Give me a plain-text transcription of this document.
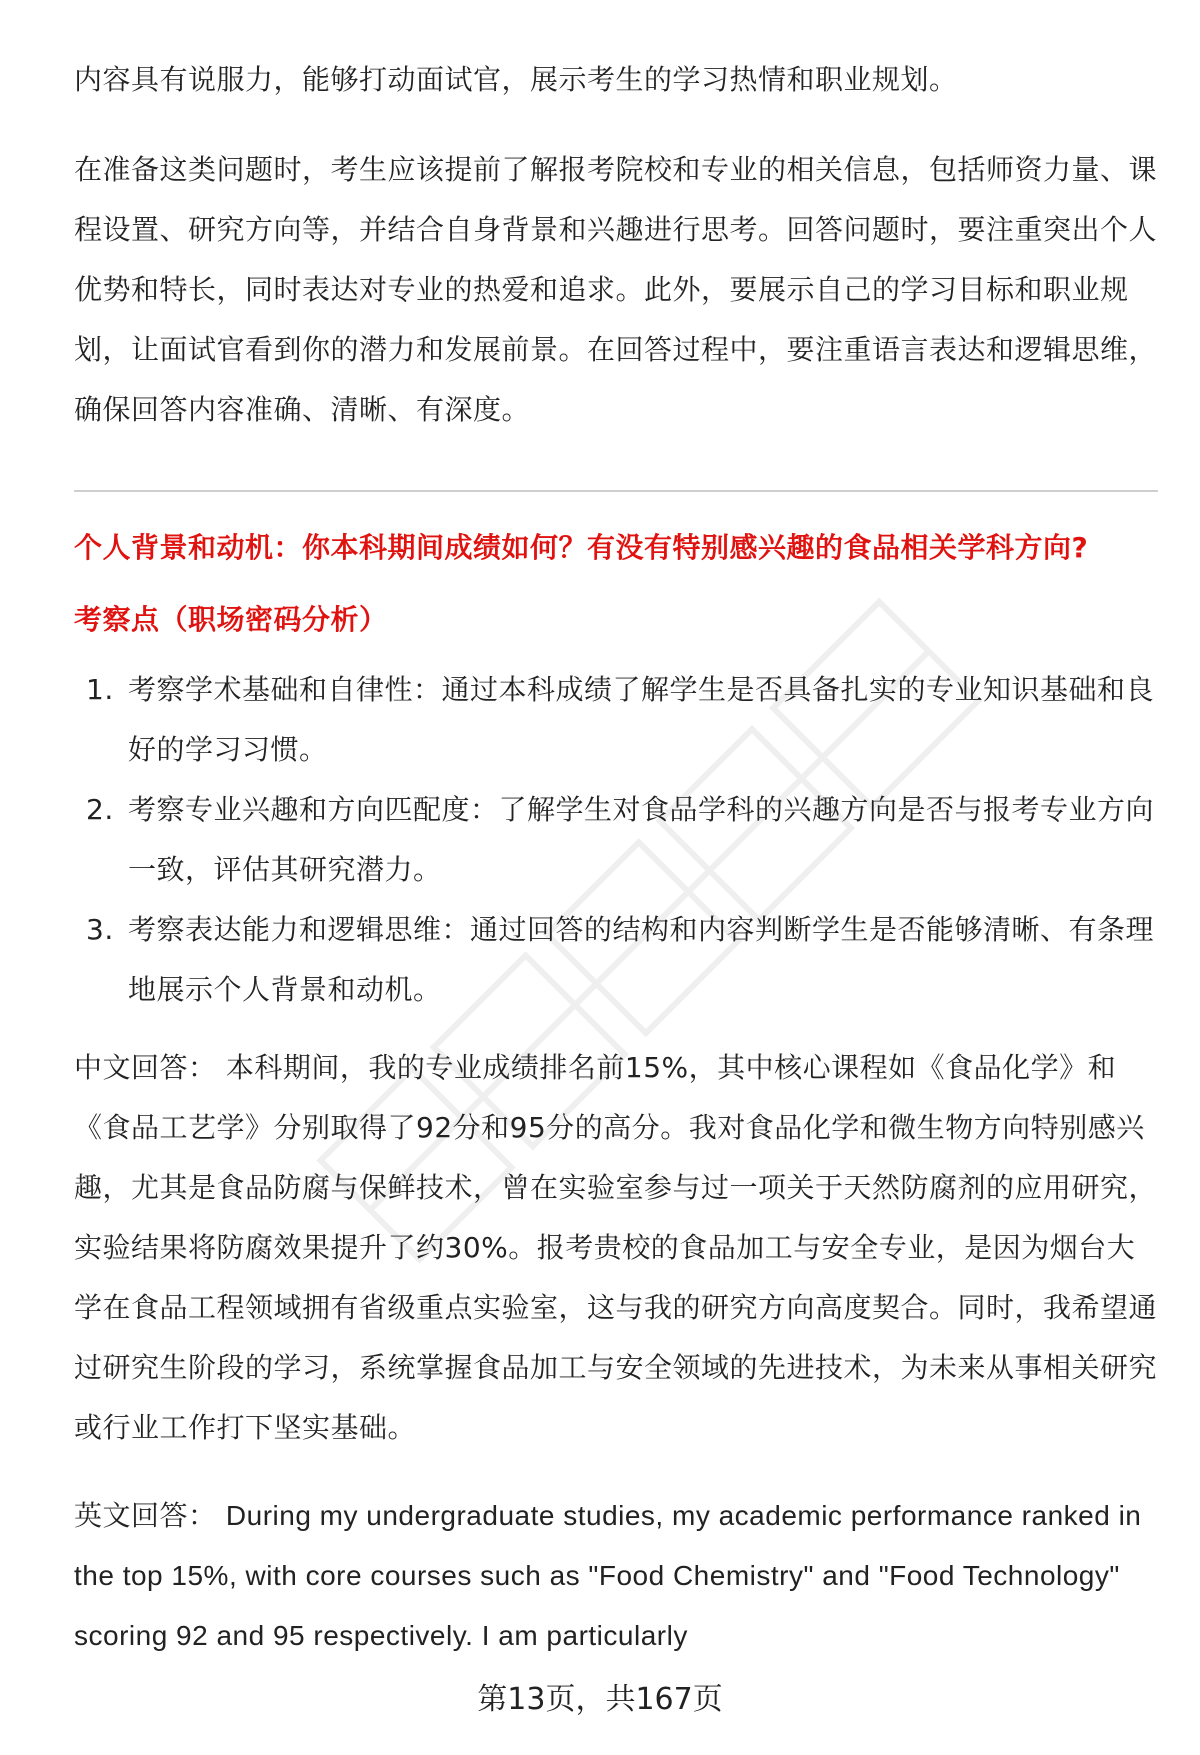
内容具有说服力，能够打动面试官，展示考生的学习热情和职业规划。

在准备这类问题时，考生应该提前了解报考院校和专业的相关信息，包括师资力量、课程设置、研究方向等，并结合自身背景和兴趣进行思考。回答问题时，要注重突出个人优势和特长，同时表达对专业的热爱和追求。此外，要展示自己的学习目标和职业规划，让面试官看到你的潜力和发展前景。在回答过程中，要注重语言表达和逻辑思维，确保回答内容准确、清晰、有深度。

个人背景和动机：你本科期间成绩如何？有没有特别感兴趣的食品相关学科方向?

考察点（职场密码分析）

1. 考察学术基础和自律性：通过本科成绩了解学生是否具备扎实的专业知识基础和良好的学习习惯。
2. 考察专业兴趣和方向匹配度：了解学生对食品学科的兴趣方向是否与报考专业方向一致，评估其研究潜力。
3. 考察表达能力和逻辑思维：通过回答的结构和内容判断学生是否能够清晰、有条理地展示个人背景和动机。

中文回答： 本科期间，我的专业成绩排名前15%，其中核心课程如《食品化学》和《食品工艺学》分别取得了92分和95分的高分。我对食品化学和微生物方向特别感兴趣，尤其是食品防腐与保鲜技术，曾在实验室参与过一项关于天然防腐剂的应用研究，实验结果将防腐效果提升了约30%。报考贵校的食品加工与安全专业，是因为烟台大学在食品工程领域拥有省级重点实验室，这与我的研究方向高度契合。同时，我希望通过研究生阶段的学习，系统掌握食品加工与安全领域的先进技术，为未来从事相关研究或行业工作打下坚实基础。

英文回答： During my undergraduate studies, my academic performance ranked in the top 15%, with core courses such as "Food Chemistry" and "Food Technology" scoring 92 and 95 respectively. I am particularly

第13页，共167页
